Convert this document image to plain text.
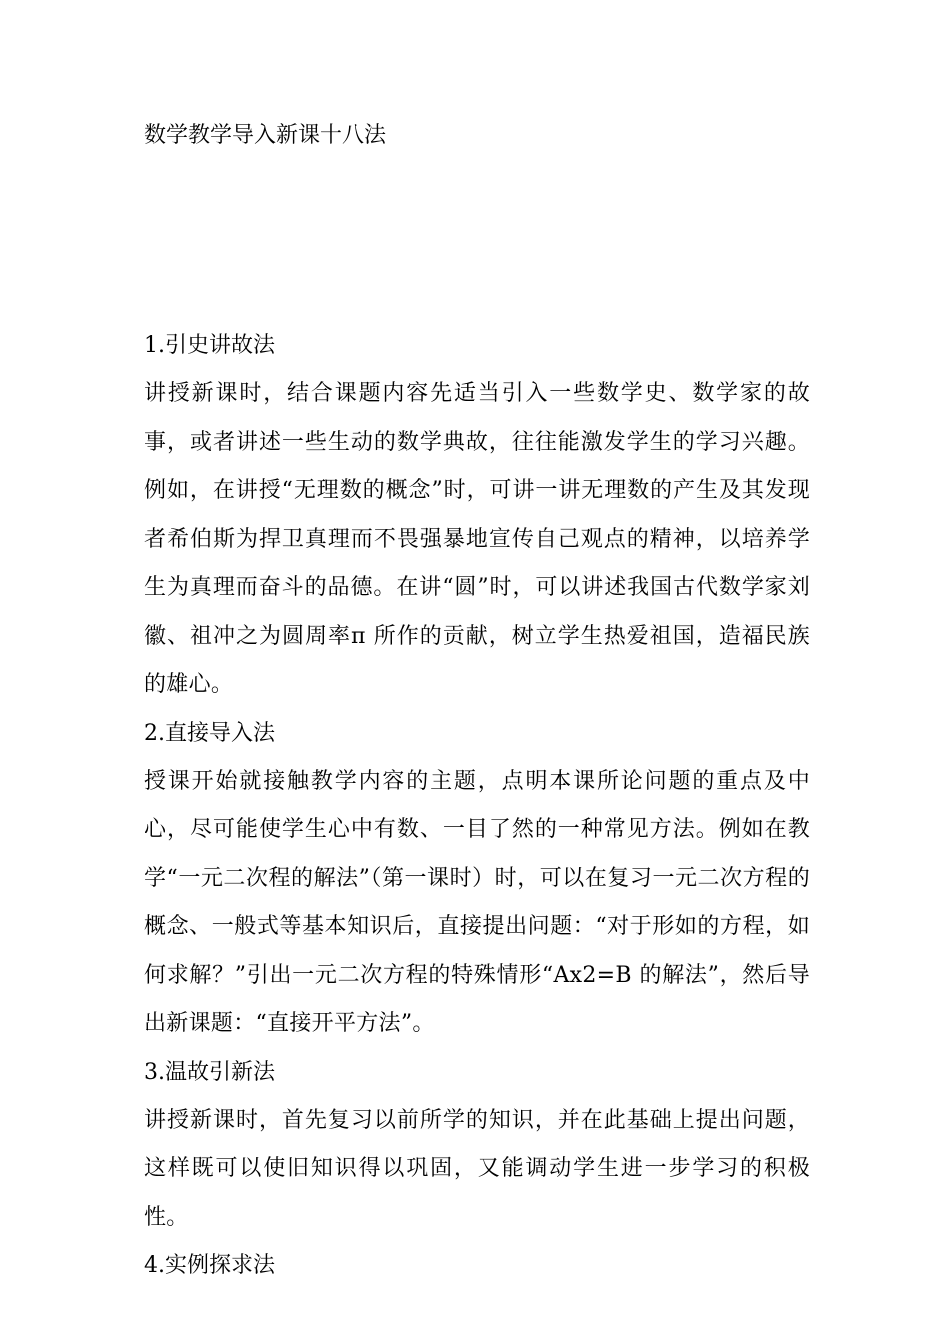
数学教学导入新课十八法
1.引史讲故法

讲授新课时，结合课题内容先适当引入一些数学史、数学家的故事，或者讲述一些生动的数学典故，往往能激发学生的学习兴趣。例如，在讲授“无理数的概念”时，可讲一讲无理数的产生及其发现者希伯斯为捍卫真理而不畏强暴地宣传自己观点的精神，以培养学生为真理而奋斗的品德。在讲“圆”时，可以讲述我国古代数学家刘徽、祖冲之为圆周率π 所作的贡献，树立学生热爱祖国，造福民族的雄心。

2.直接导入法

授课开始就接触教学内容的主题，点明本课所论问题的重点及中心，尽可能使学生心中有数、一目了然的一种常见方法。例如在教学“一元二次程的解法”（第一课时）时，可以在复习一元二次方程的概念、一般式等基本知识后，直接提出问题：“对于形如的方程，如何求解？”引出一元二次方程的特殊情形“Ax2=B 的解法”，然后导出新课题：“直接开平方法”。

3.温故引新法

讲授新课时，首先复习以前所学的知识，并在此基础上提出问题，这样既可以使旧知识得以巩固，又能调动学生进一步学习的积极性。

4.实例探求法
